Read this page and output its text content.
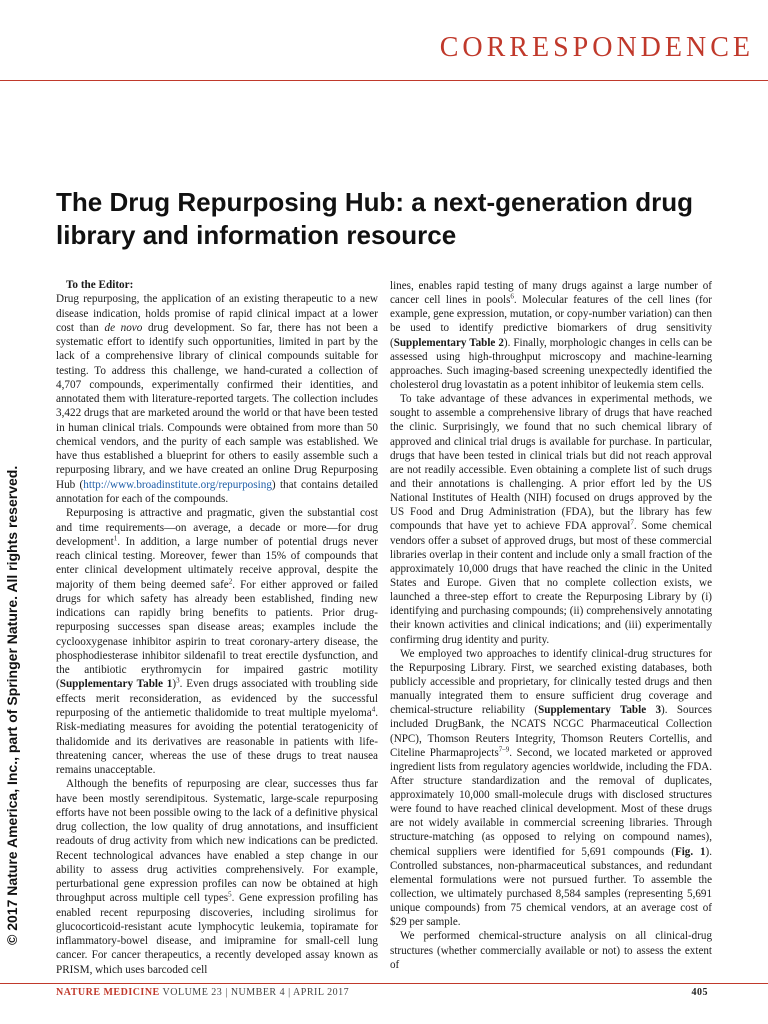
CORRESPONDENCE
© 2017 Nature America, Inc., part of Springer Nature. All rights reserved.
The Drug Repurposing Hub: a next-generation drug library and information resource

To the Editor:

Drug repurposing, the application of an existing therapeutic to a new disease indication, holds promise of rapid clinical impact at a lower cost than de novo drug development. So far, there has not been a systematic effort to identify such opportunities, limited in part by the lack of a comprehensive library of clinical compounds suitable for testing. To address this challenge, we hand-curated a collection of 4,707 compounds, experimentally confirmed their identities, and annotated them with literature-reported targets. The collection includes 3,422 drugs that are marketed around the world or that have been tested in human clinical trials. Compounds were obtained from more than 50 chemical vendors, and the purity of each sample was established. We have thus established a blueprint for others to easily assemble such a repurposing library, and we have created an online Drug Repurposing Hub (http://www.broadinstitute.org/repurposing) that contains detailed annotation for each of the compounds.

Repurposing is attractive and pragmatic, given the substantial cost and time requirements—on average, a decade or more—for drug development$^1$. In addition, a large number of potential drugs never reach clinical testing. Moreover, fewer than 15% of compounds that enter clinical development ultimately receive approval, despite the majority of them being deemed safe$^2$. For either approved or failed drugs for which safety has already been established, finding new indications can rapidly bring benefits to patients. Prior drug-repurposing successes span disease areas; examples include the cyclooxygenase inhibitor aspirin to treat coronary-artery disease, the phosphodiesterase inhibitor sildenafil to treat erectile dysfunction, and the antibiotic erythromycin for impaired gastric motility (Supplementary Table 1)$^3$. Even drugs associated with troubling side effects merit reconsideration, as evidenced by the successful repurposing of the antiemetic thalidomide to treat multiple myeloma$^4$. Risk-mediating measures for avoiding the potential teratogenicity of thalidomide and its derivatives are reasonable in patients with life-threatening cancer, whereas the use of these drugs to treat nausea remains unacceptable.

Although the benefits of repurposing are clear, successes thus far have been mostly serendipitous. Systematic, large-scale repurposing efforts have not been possible owing to the lack of a definitive physical drug collection, the low quality of drug annotations, and insufficient readouts of drug activity from which new indications can be predicted. Recent technological advances have enabled a step change in our ability to assess drug activities comprehensively. For example, perturbational gene expression profiles can now be obtained at high throughput across multiple cell types$^5$. Gene expression profiling has enabled recent repurposing discoveries, including sirolimus for glucocorticoid-resistant acute lymphocytic leukemia, topiramate for inflammatory-bowel disease, and imipramine for small-cell lung cancer. For cancer therapeutics, a recently developed assay known as PRISM, which uses barcoded cell

lines, enables rapid testing of many drugs against a large number of cancer cell lines in pools$^6$. Molecular features of the cell lines (for example, gene expression, mutation, or copy-number variation) can then be used to identify predictive biomarkers of drug sensitivity (Supplementary Table 2). Finally, morphologic changes in cells can be assessed using high-throughput microscopy and machine-learning approaches. Such imaging-based screening unexpectedly identified the cholesterol drug lovastatin as a potent inhibitor of leukemia stem cells.

To take advantage of these advances in experimental methods, we sought to assemble a comprehensive library of drugs that have reached the clinic. Surprisingly, we found that no such chemical library of approved and clinical trial drugs is available for purchase. In particular, drugs that have been tested in clinical trials but did not reach approval are not readily accessible. Even obtaining a complete list of such drugs and their annotations is challenging. A prior effort led by the US National Institutes of Health (NIH) focused on drugs approved by the US Food and Drug Administration (FDA), but the library has few compounds that have yet to achieve FDA approval$^7$. Some chemical vendors offer a subset of approved drugs, but most of these commercial libraries overlap in their content and include only a small fraction of the approximately 10,000 drugs that have reached the clinic in the United States and Europe. Given that no complete collection exists, we launched a three-step effort to create the Repurposing Library by (i) identifying and purchasing compounds; (ii) comprehensively annotating their known activities and clinical indications; and (iii) experimentally confirming drug identity and purity.

We employed two approaches to identify clinical-drug structures for the Repurposing Library. First, we searched existing databases, both publicly accessible and proprietary, for clinically tested drugs and then manually integrated them to ensure sufficient drug coverage and chemical-structure reliability (Supplementary Table 3). Sources included DrugBank, the NCATS NCGC Pharmaceutical Collection (NPC), Thomson Reuters Integrity, Thomson Reuters Cortellis, and Citeline Pharmaprojects$^{7-9}$. Second, we located marketed or approved ingredient lists from regulatory agencies worldwide, including the FDA. After structure standardization and the removal of duplicates, approximately 10,000 small-molecule drugs with disclosed structures were found to have reached clinical development. Most of these drugs are not widely available in commercial screening libraries. Through structure-matching (as opposed to relying on compound names), chemical suppliers were identified for 5,691 compounds (Fig. 1). Controlled substances, non-pharmaceutical substances, and redundant elemental formulations were not pursued further. To assemble the collection, we ultimately purchased 8,584 samples (representing 5,691 unique compounds) from 75 chemical vendors, at an average cost of $29 per sample.

We performed chemical-structure analysis on all clinical-drug structures (whether commercially available or not) to assess the extent of

NATURE MEDICINE VOLUME 23 | NUMBER 4 | APRIL 2017	405
